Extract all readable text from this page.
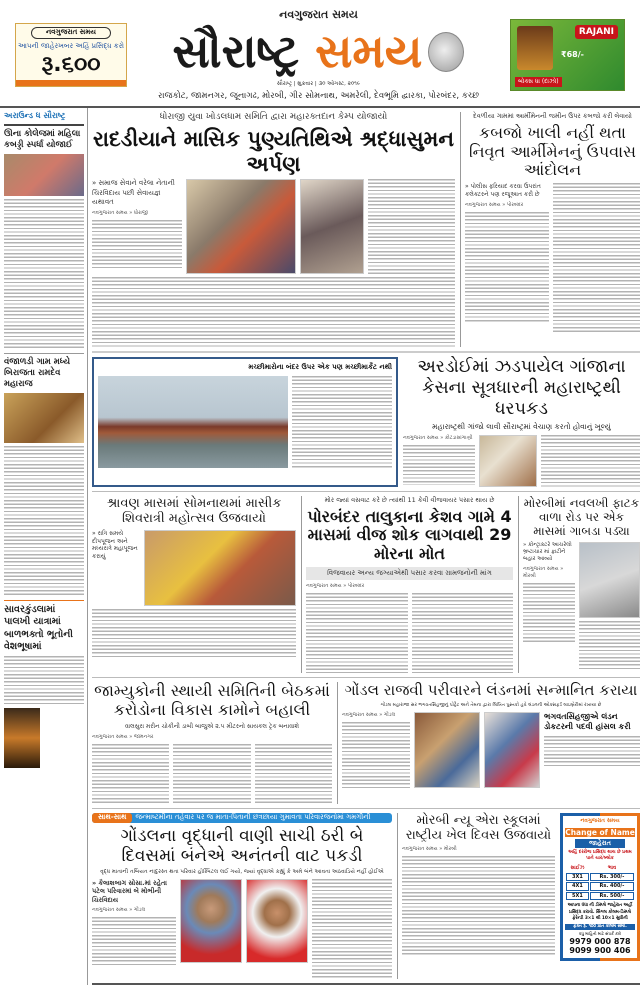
નવગુજરાત સમય
આપની જાહેરખબર અહિં પ્રસિદ્ધ કરો
રૂ.૬૦૦
નવગુજરાત સમય
સૌરાષ્ટ્ર સમય
સૌરાષ્ટ્ર | શુક્રવાર | ૩૦ ઓગસ્ટ, ૨૦૧૯
રાજકોટ, જામનગર, જૂનાગઢ, મોરબી, ગીર સોમનાથ, અમરેલી, દેવભૂમિ દ્વારકા, પોરબંદર, કચ્છ
RAJANI
₹68/-
બોક્સ ધા (દાઝો)
અરાઉન્ડ ધ સૌરાષ્ટ્ર
ઊના કોલેજમાં મહિલા કબડ્ડી સ્પર્ધા યોજાઈ
વંજાળડી ગામ મધ્યે બિરાજતા રામદેવ મહારાજ
સાવરકુંડલામાં પાલખી યાત્રામાં બાળભક્તો ભૂતોની વેશભૂષામાં
ધોરાજી યુવા ખોડલધામ સમિતિ દ્વારા મહારક્તદાન કેમ્પ યોજાયો
રાદડીયાને માસિક પુણ્યતિથિએ શ્રદ્ધાસુમન અર્પણ
» સમાજ સેવાને વરેલા નેતાની ચિરવિદાય પછી સેવાયજ્ઞ યથાવત
નવગુજરાત સમય » ધોરાજી
દેવળીયા ગામમાં આર્મીમેનની જમીન ઉપર કબજો કરી લેવાયો
કબજો ખાલી નહીં થતા નિવૃત આર્મીમેનનું ઉપવાસ આંદોલન
» પોલીસ ફરિયાદ કરવા ઉપરાંત કલેક્ટરને પણ રજૂઆત કરી છે
નવગુજરાત સમય » પોરબંદર
મચ્છીમારોના બંદર ઉપર એક પણ મચ્છીમાર્કેટ નથી	અરડોઈમાં ઝડપાયેલ ગાંજાના કેસના સૂત્રધારની મહારાષ્ટ્રથી ધરપકડ
મહારાષ્ટ્રથી ગાંજો લાવી સૌરાષ્ટ્રમાં વેચાણ કરતો હોવાનું ખૂલ્યું
નવગુજરાત સમય » કોટડાસાંગાણી
શ્રાવણ માસમાં સોમનાથમાં માસીક શિવરાત્રી મહોત્સવ ઉજવાયો
» રાત્રિ સમયે દીપપૂજન અને મધ્યરાત્રે મહાપૂજન કરાયું
મોર જ્યાં વસવાટ કરે છે ત્યાંથી 11 કેવી વીજવાયર પસાર થાય છે
પોરબંદર તાલુકાના કેશવ ગામે 4 માસમાં વીજ શોક લાગવાથી 29 મોરના મોત
વિજવાયર અન્ય જગ્યાએથી પસાર કરવા ગ્રામજનોની માંગ
નવગુજરાત સમય » પોરબંદર
મોરબીમાં નવલખી ફાટક વાળા રોડ પર એક માસમાં ગાબડા પડ્યા
» કોન્ટ્રાક્ટરે આચરેલો ભ્રષ્ટાચાર માં ફાટીને બહાર આવ્યો
નવગુજરાત સમય » મોરબી
જામ્યુકોની સ્થાયી સમિતિની બેઠકમાં કરોડોના વિકાસ કામોને બહાલી
વાલસુરા મરીન ચોકીની ડાબી બાજુએ ૨.૫ મીટરનો સાયકલ ટ્રેક બનાવાશે
નવગુજરાત સમય » જામનગર
ગોંડલ રાજવી પરીવારને લંડનમાં સન્માનિત કરાયા
ગોંડલ મહારાજા સર ભગવતસિંહજીનું પોર્ટ્રેટ અને તેમના દ્વારા લિખિત પુસ્તકો હવે લંડનની ઓક્સફર્ડ લાઇબ્રેરીમાં રખાયા છે
નવગુજરાત સમય » ગોંડલ	ભગવતસિંહજીએ લંડન ડોકટરની પદવી હાંસલ કરી
સાથ-સાથ	જન્માષ્ટમીના તહેવાર પર જ માતા-પિતાની છત્રછાયા ગુમાવતા પરિવારજનોમાં ગમગીની
ગોંડલના વૃદ્ધાની વાણી સાચી ઠરી બે દિવસમાં બંનેએ અનંતની વાટ પકડી
વૃદ્ધ માતાની તબિયત નાદુરસ્ત થતા પરિવાર હોસ્પિટલ લઈ ગયો, જ્યાં વૃદ્ધાએ કહ્યું કે અમે બંને આવતા અઠવાડિયે નહીં હોઈએ
» કૈલાશબાગ સોસા.માં રહેતા પટેલ પરિવારમાં બે મોભીની ચિરવિદાય
નવગુજરાત સમય » ગોંડલ
મોરબી ન્યૂ એરા સ્કૂલમાં રાષ્ટ્રીય ખેલ દિવસ ઉજવાયો
નવગુજરાત સમય » મોરબી
નવગુજરાત સમય
Change of Name
જાહેરાત
અહિં દરરોજ પ્રસિદ્ધ થાય છે પ્રથમ પાને ચાર/બ્લોક
સાઈઝ	ભાવ
3X1	Rs. 300/-
4X1	Rs. 400/-
5X1	Rs. 500/-
આપના ધંધા ની ડીસ્પ્લે જાહેરાત અહીં પ્રસિદ્ધ કરાવો. સિંગલ કોલમ-ડિસ્પ્લે ફેરેન્ડી 3×1 થી 10×1 સુધીની
ફક્ત રૂ. ૧૦૦ પ્રતિ કોલમ સેમી.
વધુ માહિતી માટે સંપર્ક કરો
9979 000 878
9099 900 406
